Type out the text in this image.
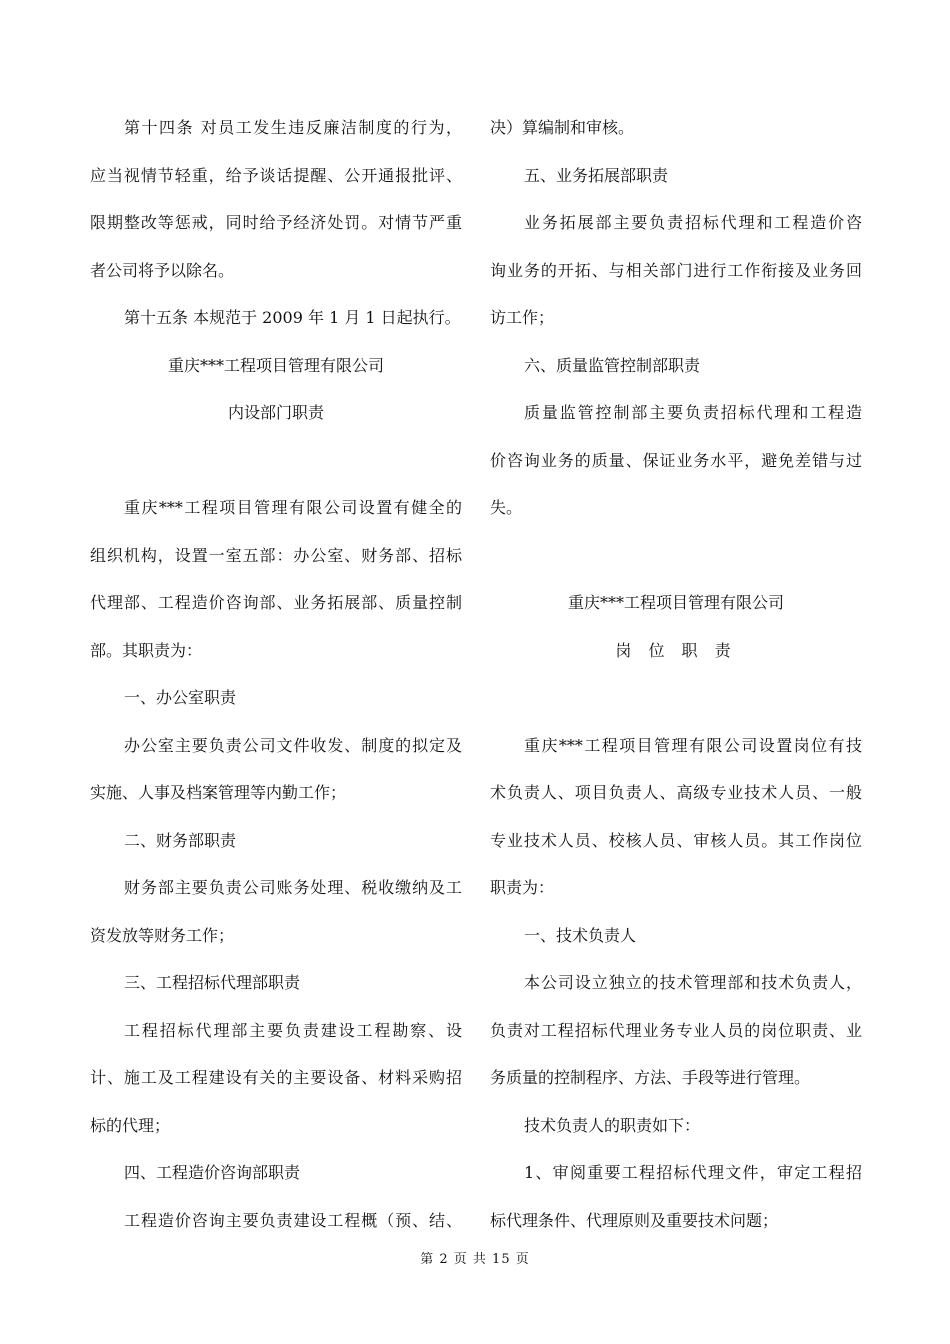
第十四条 对员工发生违反廉洁制度的行为，
应当视情节轻重，给予谈话提醒、公开通报批评、
限期整改等惩戒，同时给予经济处罚。对情节严重
者公司将予以除名。
第十五条 本规范于 2009 年 1 月 1 日起执行。
重庆***工程项目管理有限公司
内设部门职责
重庆***工程项目管理有限公司设置有健全的
组织机构，设置一室五部：办公室、财务部、招标
代理部、工程造价咨询部、业务拓展部、质量控制
部。其职责为：
一、办公室职责
办公室主要负责公司文件收发、制度的拟定及
实施、人事及档案管理等内勤工作；
二、财务部职责
财务部主要负责公司账务处理、税收缴纳及工
资发放等财务工作；
三、工程招标代理部职责
工程招标代理部主要负责建设工程勘察、设
计、施工及工程建设有关的主要设备、材料采购招
标的代理；
四、工程造价咨询部职责
工程造价咨询主要负责建设工程概（预、结、
决）算编制和审核。
五、业务拓展部职责
业务拓展部主要负责招标代理和工程造价咨
询业务的开拓、与相关部门进行工作衔接及业务回
访工作；
六、质量监管控制部职责
质量监管控制部主要负责招标代理和工程造
价咨询业务的质量、保证业务水平，避免差错与过
失。
重庆***工程项目管理有限公司
岗 位 职 责
重庆***工程项目管理有限公司设置岗位有技
术负责人、项目负责人、高级专业技术人员、一般
专业技术人员、校核人员、审核人员。其工作岗位
职责为：
一、技术负责人
本公司设立独立的技术管理部和技术负责人，
负责对工程招标代理业务专业人员的岗位职责、业
务质量的控制程序、方法、手段等进行管理。
技术负责人的职责如下：
1、审阅重要工程招标代理文件，审定工程招
标代理条件、代理原则及重要技术问题；
第 2 页 共 15 页
